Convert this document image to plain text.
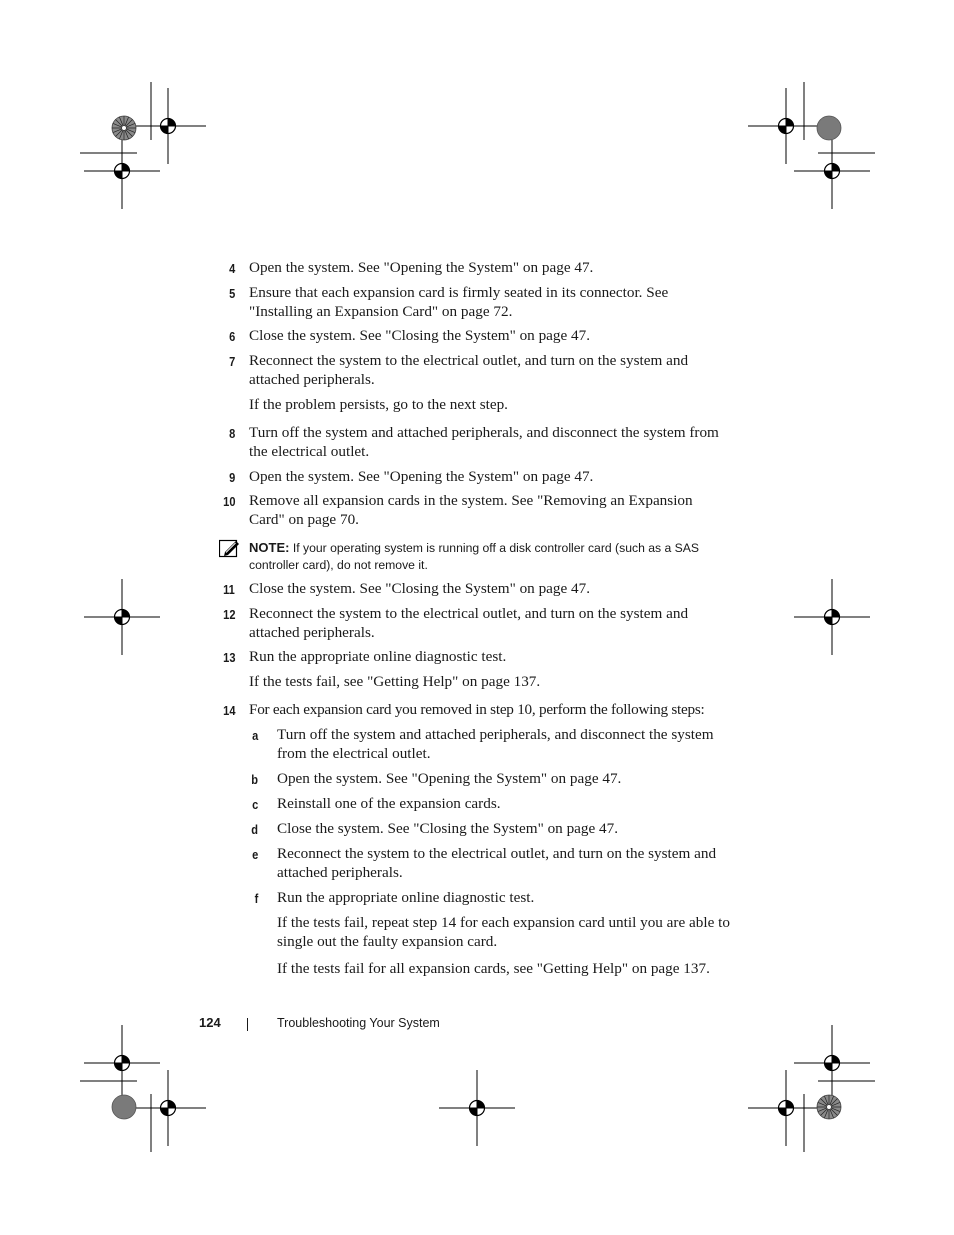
4 Open the system. See "Opening the System" on page 47.
5 Ensure that each expansion card is firmly seated in its connector. See "Installing an Expansion Card" on page 72.
6 Close the system. See "Closing the System" on page 47.
7 Reconnect the system to the electrical outlet, and turn on the system and attached peripherals.
If the problem persists, go to the next step.
8 Turn off the system and attached peripherals, and disconnect the system from the electrical outlet.
9 Open the system. See "Opening the System" on page 47.
10 Remove all expansion cards in the system. See "Removing an Expansion Card" on page 70.
NOTE: If your operating system is running off a disk controller card (such as a SAS controller card), do not remove it.
11 Close the system. See "Closing the System" on page 47.
12 Reconnect the system to the electrical outlet, and turn on the system and attached peripherals.
13 Run the appropriate online diagnostic test.
If the tests fail, see "Getting Help" on page 137.
14 For each expansion card you removed in step 10, perform the following steps:
a Turn off the system and attached peripherals, and disconnect the system from the electrical outlet.
b Open the system. See "Opening the System" on page 47.
c Reinstall one of the expansion cards.
d Close the system. See "Closing the System" on page 47.
e Reconnect the system to the electrical outlet, and turn on the system and attached peripherals.
f Run the appropriate online diagnostic test.
If the tests fail, repeat step 14 for each expansion card until you are able to single out the faulty expansion card.
If the tests fail for all expansion cards, see "Getting Help" on page 137.
124	Troubleshooting Your System
